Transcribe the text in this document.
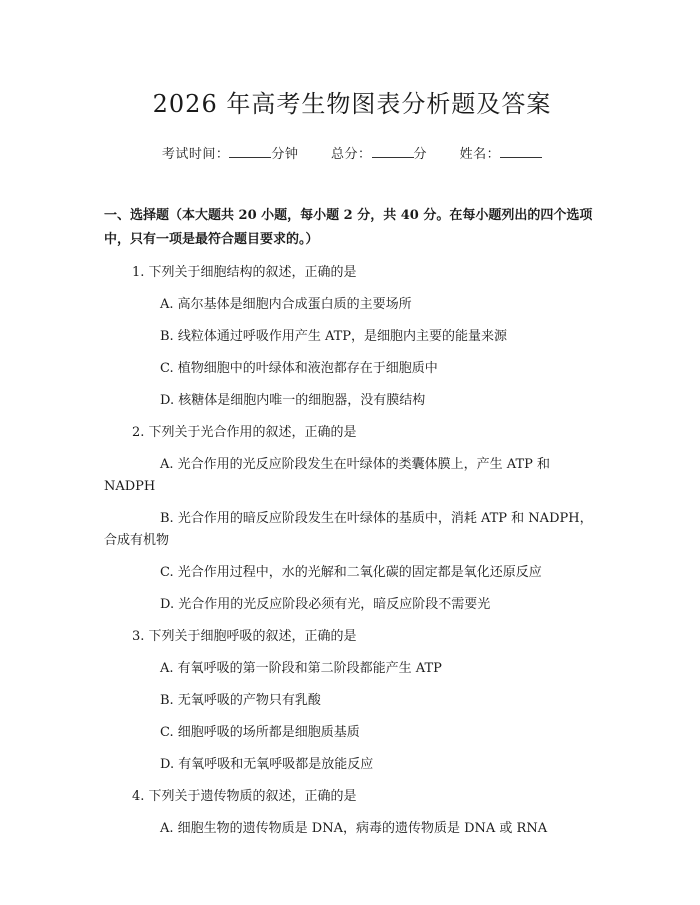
2026 年高考生物图表分析题及答案
考试时间：	分钟	总分：	分	姓名：
一、选择题（本大题共 20 小题，每小题 2 分，共 40 分。在每小题列出的四个选项中，只有一项是最符合题目要求的。）
1. 下列关于细胞结构的叙述，正确的是
A. 高尔基体是细胞内合成蛋白质的主要场所
B. 线粒体通过呼吸作用产生 ATP，是细胞内主要的能量来源
C. 植物细胞中的叶绿体和液泡都存在于细胞质中
D. 核糖体是细胞内唯一的细胞器，没有膜结构
2. 下列关于光合作用的叙述，正确的是
A. 光合作用的光反应阶段发生在叶绿体的类囊体膜上，产生 ATP 和 NADPH
B. 光合作用的暗反应阶段发生在叶绿体的基质中，消耗 ATP 和 NADPH，合成有机物
C. 光合作用过程中，水的光解和二氧化碳的固定都是氧化还原反应
D. 光合作用的光反应阶段必须有光，暗反应阶段不需要光
3. 下列关于细胞呼吸的叙述，正确的是
A. 有氧呼吸的第一阶段和第二阶段都能产生 ATP
B. 无氧呼吸的产物只有乳酸
C. 细胞呼吸的场所都是细胞质基质
D. 有氧呼吸和无氧呼吸都是放能反应
4. 下列关于遗传物质的叙述，正确的是
A. 细胞生物的遗传物质是 DNA，病毒的遗传物质是 DNA 或 RNA
